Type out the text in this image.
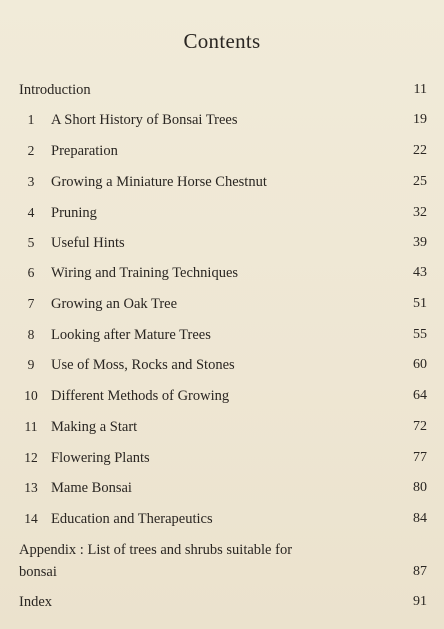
Contents
Introduction	11
1	A Short History of Bonsai Trees	19
2	Preparation	22
3	Growing a Miniature Horse Chestnut	25
4	Pruning	32
5	Useful Hints	39
6	Wiring and Training Techniques	43
7	Growing an Oak Tree	51
8	Looking after Mature Trees	55
9	Use of Moss, Rocks and Stones	60
10 Different Methods of Growing	64
11 Making a Start	72
12 Flowering Plants	77
13 Mame Bonsai	80
14 Education and Therapeutics	84
Appendix : List of trees and shrubs suitable for
bonsai	87
Index	91
